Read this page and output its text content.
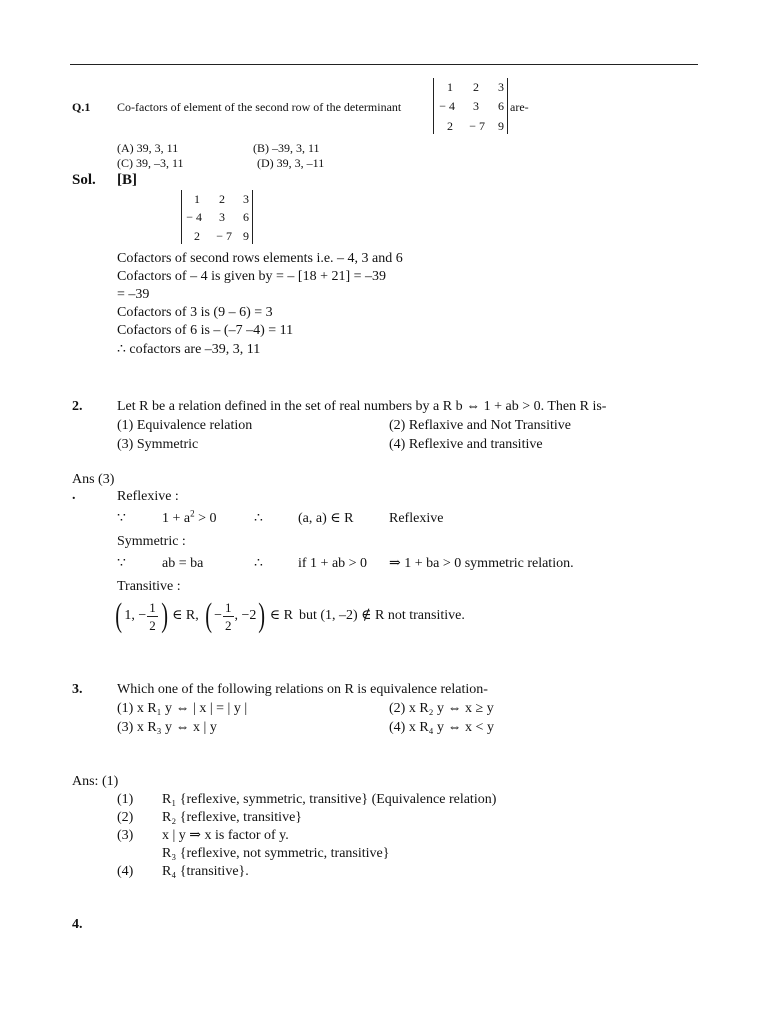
Q.1 Co-factors of element of the second row of the determinant
1 2 3
− 4 3 6
2 − 7 9
are-
(A) 39, 3, 11	(B) –39, 3, 11
(C) 39, –3, 11	(D) 39, 3, –11
Sol. [B]
1 2 3
− 4 3 6
2 − 7 9
Cofactors of second rows elements i.e. – 4, 3 and 6
Cofactors of – 4 is given by = – [18 + 21] = –39
= –39
Cofactors of 3 is (9 – 6) = 3
Cofactors of 6 is – (–7 –4) = 11
∴ cofactors are –39, 3, 11
2. Let R be a relation defined in the set of real numbers by a R b ⇔ 1 + ab > 0. Then R is-
(1) Equivalence relation	(2) Reflaxive and Not Transitive
(3) Symmetric	(4) Reflexive and transitive
Ans (3)
.	Reflexive :
∵	$1 + a^2 > 0$	∴	(a, a) ∈ R	Reflexive
Symmetric :
∵	ab = ba	∴	if 1 + ab > 0 ⇒ 1 + ba > 0 symmetric relation.
Transitive :
( 1, − $\frac{1}{2}$ ) ∈ R, ( − $\frac{1}{2}$ , −2 ) ∈ R but (1, –2) ∉ R not transitive.
3. Which one of the following relations on R is equivalence relation-
(1) x R₁ y ⇔ | x | = | y |	(2) x R₂ y ⇔ x ≥ y
(3) x R₃ y ⇔ x | y	(4) x R₄ y ⇔ x < y
Ans: (1)
(1) R₁ {reflexive, symmetric, transitive} (Equivalence relation)
(2) R₂ {reflexive, transitive}
(3) x | y ⇒ x is factor of y.
R₃ {reflexive, not symmetric, transitive}
(4) R₄ {transitive}.
4.
